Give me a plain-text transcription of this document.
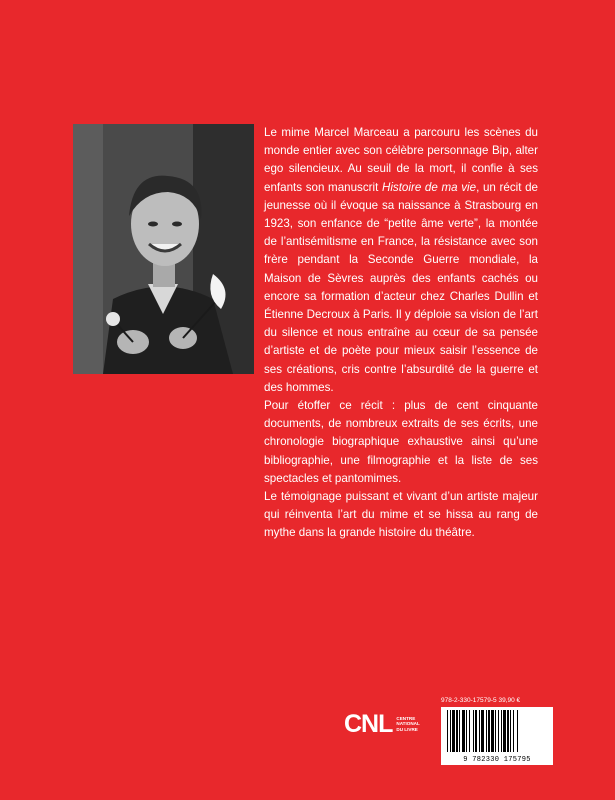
Le mime Marcel Marceau a parcouru les scènes du monde entier avec son célèbre personnage Bip, alter ego silencieux. Au seuil de la mort, il confie à ses enfants son manuscrit Histoire de ma vie, un récit de jeunesse où il évoque sa naissance à Strasbourg en 1923, son enfance de “petite âme verte”, la montée de l’antisémitisme en France, la résistance avec son frère pendant la Seconde Guerre mondiale, la Maison de Sèvres auprès des enfants cachés ou encore sa formation d’acteur chez Charles Dullin et Étienne Decroux à Paris. Il y déploie sa vision de l’art du silence et nous entraîne au cœur de sa pensée d’artiste et de poète pour mieux saisir l’essence de ses créations, cris contre l’absurdité de la guerre et des hommes.

Pour étoffer ce récit : plus de cent cinquante documents, de nombreux extraits de ses écrits, une chronologie biographique exhaustive ainsi qu’une bibliographie, une filmographie et la liste de ses spectacles et pantomimes.

Le témoignage puissant et vivant d’un artiste majeur qui réinventa l’art du mime et se hissa au rang de mythe dans la grande histoire du théâtre.

CNL CENTRE
NATIONAL
DU LIVRE
978-2-330-17579-5 39,90 €
9 782330 175795
